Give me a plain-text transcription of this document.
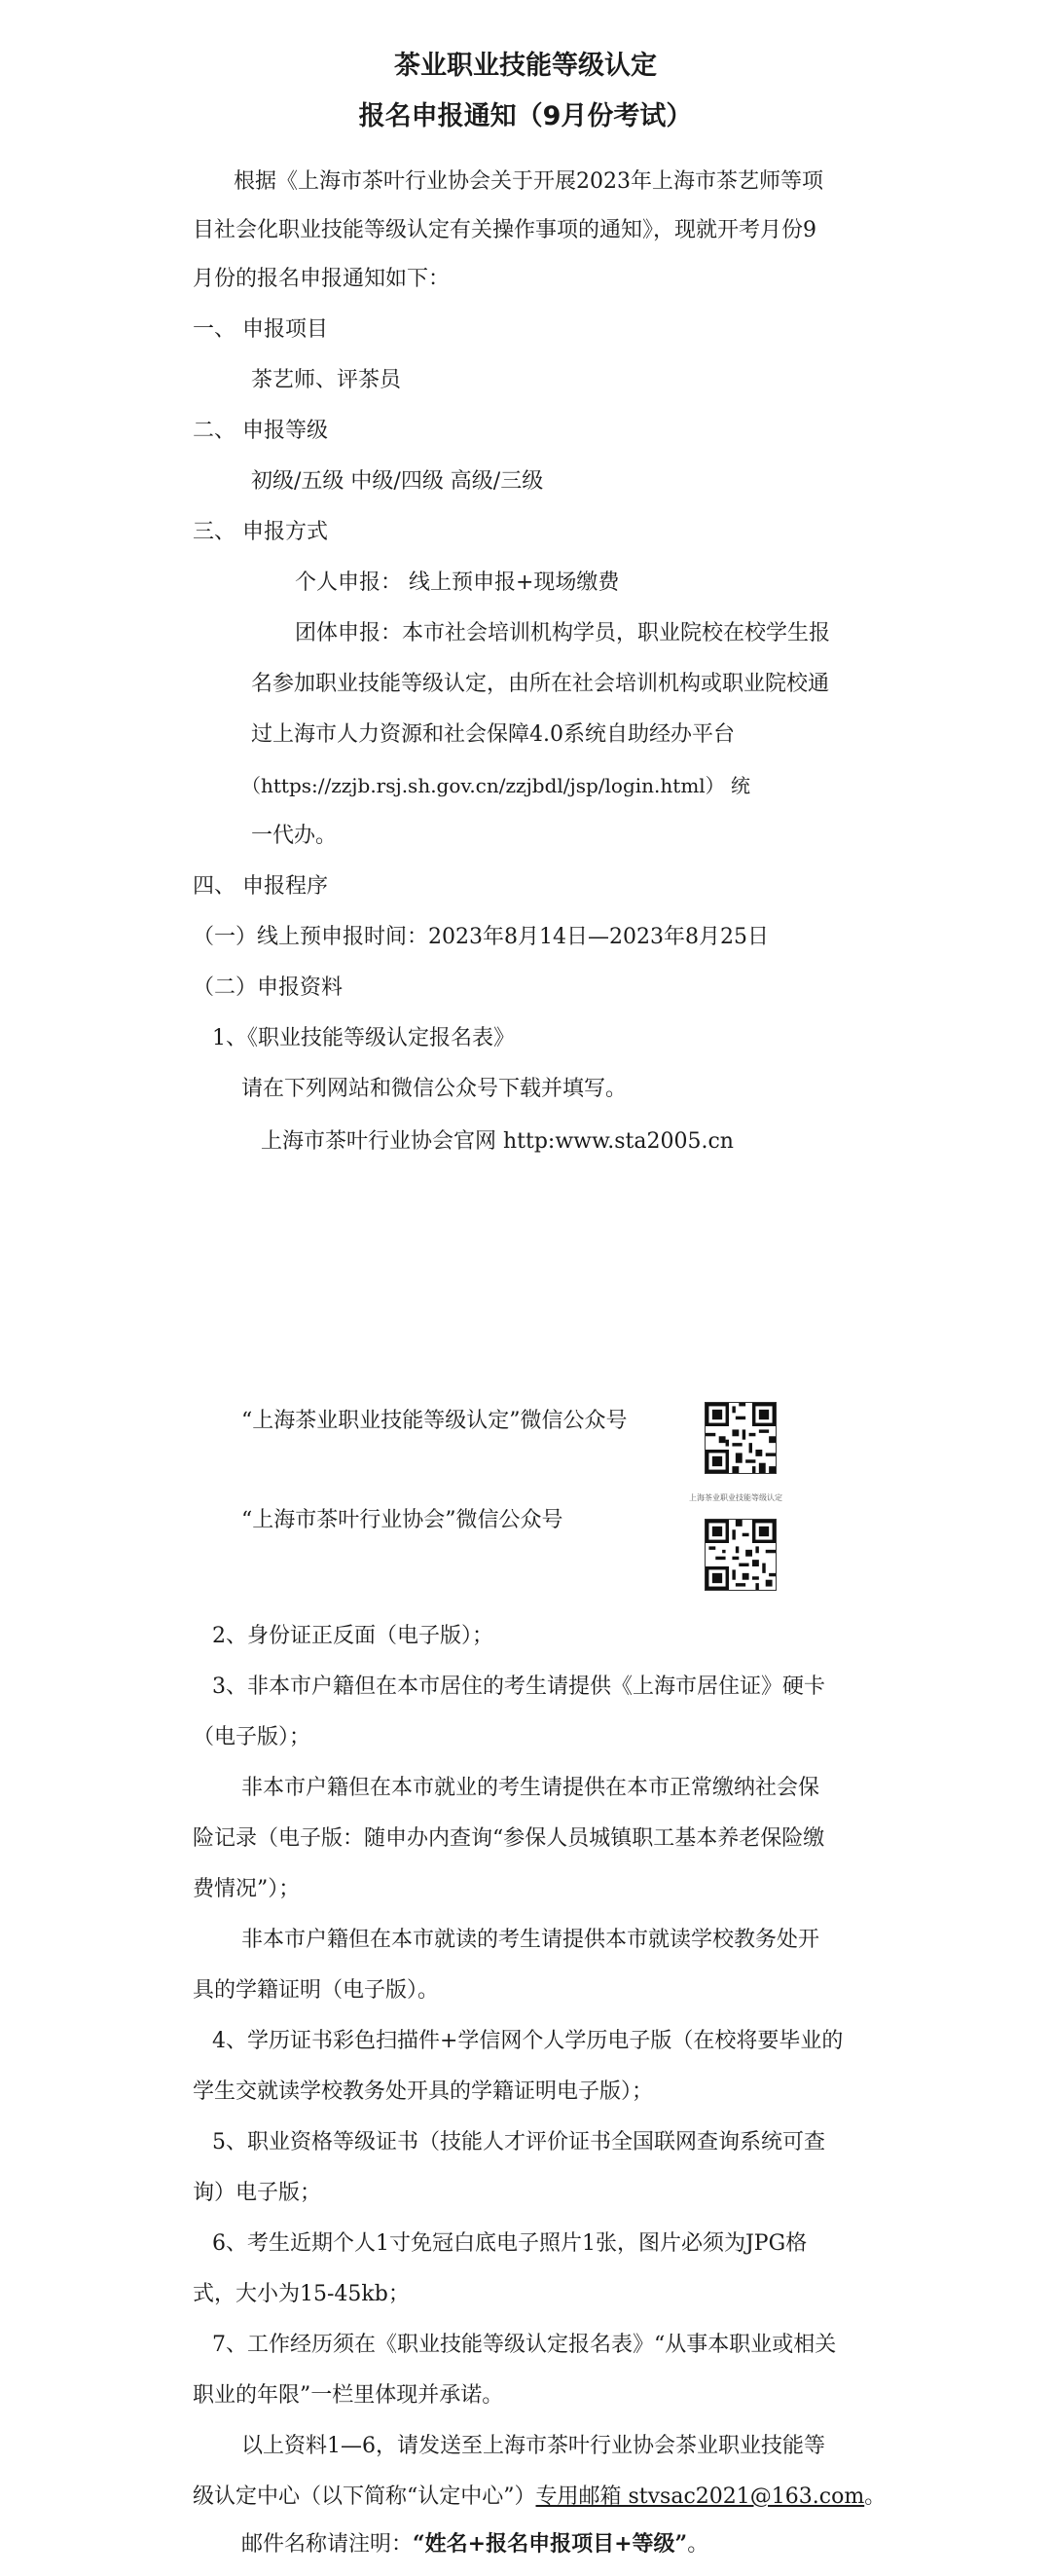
茶业职业技能等级认定
报名申报通知（9月份考试）
根据《上海市茶叶行业协会关于开展2023年上海市茶艺师等项
目社会化职业技能等级认定有关操作事项的通知》，现就开考月份9
月份的报名申报通知如下：
一、 申报项目
茶艺师、评茶员
二、 申报等级
初级/五级 中级/四级 高级/三级
三、 申报方式
个人申报： 线上预申报+现场缴费
团体申报：本市社会培训机构学员，职业院校在校学生报
名参加职业技能等级认定，由所在社会培训机构或职业院校通
过上海市人力资源和社会保障4.0系统自助经办平台
（https://zzjb.rsj.sh.gov.cn/zzjbdl/jsp/login.html） 统
一代办。
四、 申报程序
（一）线上预申报时间：2023年8月14日—2023年8月25日
（二）申报资料
1、《职业技能等级认定报名表》
请在下列网站和微信公众号下载并填写。
上海市茶叶行业协会官网 http:www.sta2005.cn
“上海茶业职业技能等级认定”微信公众号
上海茶业职业技能等级认定
“上海市茶叶行业协会”微信公众号
2、身份证正反面（电子版）；
3、非本市户籍但在本市居住的考生请提供《上海市居住证》硬卡
（电子版）；
非本市户籍但在本市就业的考生请提供在本市正常缴纳社会保
险记录（电子版：随申办内查询“参保人员城镇职工基本养老保险缴
费情况”）；
非本市户籍但在本市就读的考生请提供本市就读学校教务处开
具的学籍证明（电子版）。
4、学历证书彩色扫描件+学信网个人学历电子版（在校将要毕业的
学生交就读学校教务处开具的学籍证明电子版）；
5、职业资格等级证书（技能人才评价证书全国联网查询系统可查
询）电子版；
6、考生近期个人1寸免冠白底电子照片1张，图片必须为JPG格
式，大小为15-45kb；
7、工作经历须在《职业技能等级认定报名表》“从事本职业或相关
职业的年限”一栏里体现并承诺。
以上资料1—6，请发送至上海市茶叶行业协会茶业职业技能等
级认定中心（以下简称“认定中心”）专用邮箱 stvsac2021@163.com。
邮件名称请注明：“姓名+报名申报项目+等级”。
